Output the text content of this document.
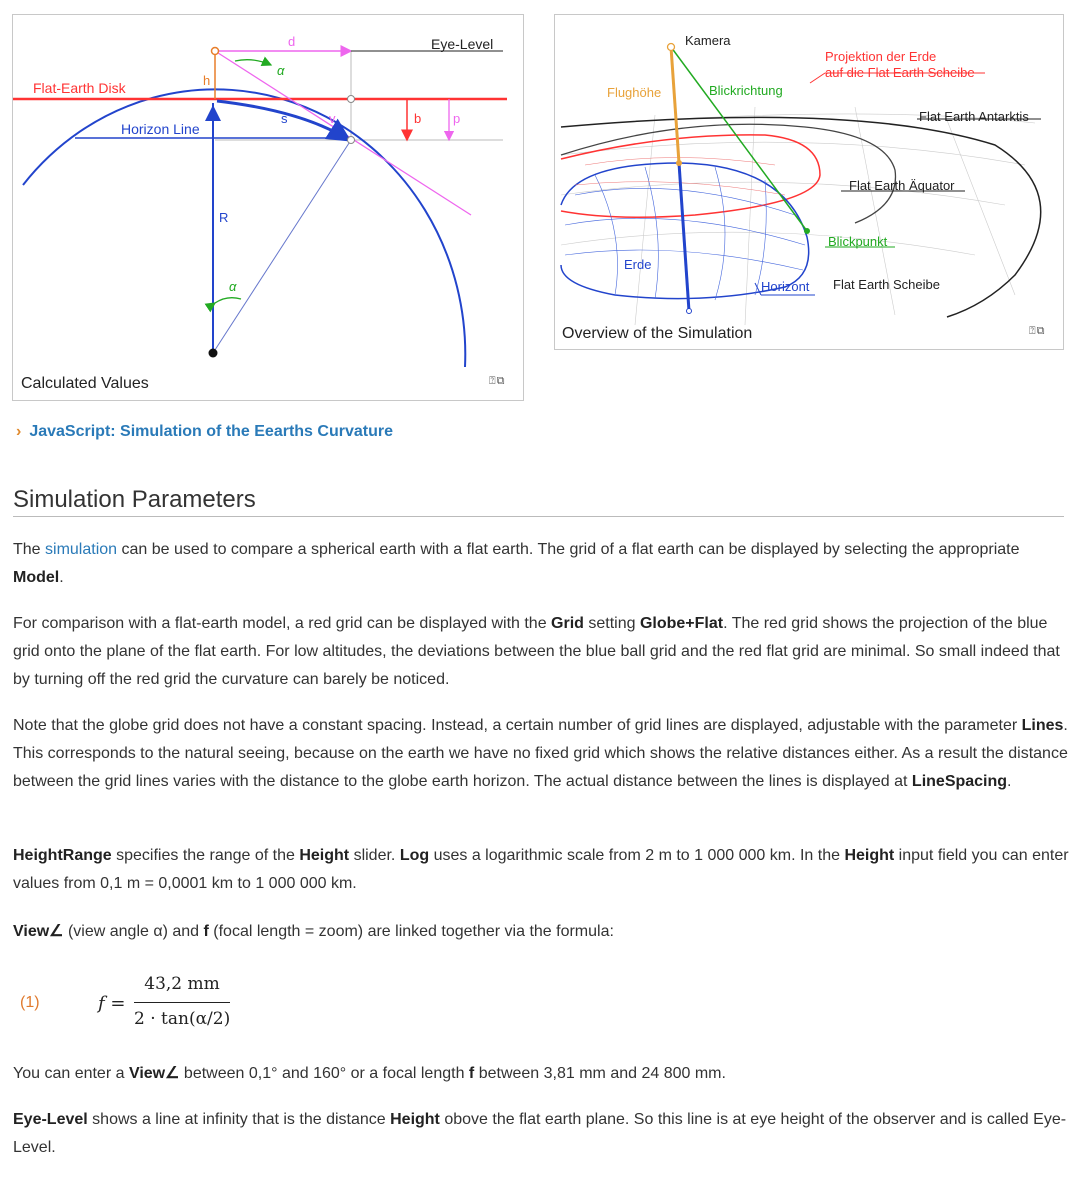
d	Eye-Level
α
h
Flat-Earth Disk
s	v	b p
Horizon Line
R
α
Calculated Values	⍰⧉
Kamera
Projektion der Erde
auf die Flat Earth Scheibe
Flughöhe	Blickrichtung
Flat Earth Antarktis
Flat Earth Äquator
Blickpunkt
Erde
Horizont Flat Earth Scheibe
Overview of the Simulation	⍰⧉
› JavaScript: Simulation of the Eearths Curvature
Simulation Parameters

The simulation can be used to compare a spherical earth with a flat earth. The grid of a flat earth can be displayed by selecting the appropriate Model.

For comparison with a flat-earth model, a red grid can be displayed with the Grid setting Globe+Flat. The red grid shows the projection of the blue grid onto the plane of the flat earth. For low altitudes, the deviations between the blue ball grid and the red flat grid are minimal. So small indeed that by turning off the red grid the curvature can barely be noticed.

Note that the globe grid does not have a constant spacing. Instead, a certain number of grid lines are displayed, adjustable with the parameter Lines. This corresponds to the natural seeing, because on the earth we have no fixed grid which shows the relative distances either. As a result the distance between the grid lines varies with the distance to the globe earth horizon. The actual distance between the lines is displayed at LineSpacing.

HeightRange specifies the range of the Height slider. Log uses a logarithmic scale from 2 m to 1 000 000 km. In the Height input field you can enter values from 0,1 m = 0,0001 km to 1 000 000 km.

View∠ (view angle α) and f (focal length = zoom) are linked together via the formula:

(1)	f =
43,2 mm
2 · tan(α/2)

You can enter a View∠ between 0,1° and 160° or a focal length f between 3,81 mm and 24 800 mm.

Eye-Level shows a line at infinity that is the distance Height obove the flat earth plane. So this line is at eye height of the observer and is called Eye-Level.
